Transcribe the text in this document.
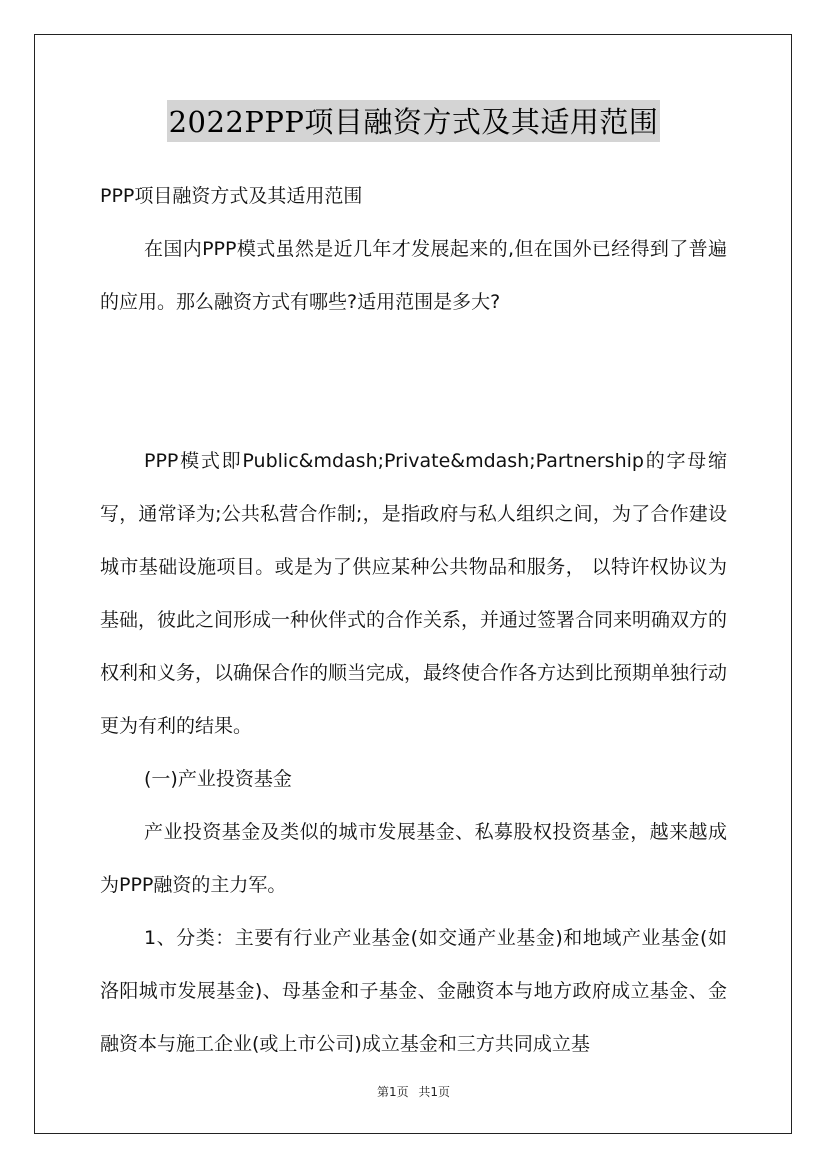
2022PPP项目融资方式及其适用范围

PPP项目融资方式及其适用范围

在国内PPP模式虽然是近几年才发展起来的,但在国外已经得到了普遍的应用。那么融资方式有哪些?适用范围是多大?

PPP模式即Public&mdash;Private&mdash;Partnership的字母缩写，通常译为;公共私营合作制;，是指政府与私人组织之间，为了合作建设城市基础设施项目。或是为了供应某种公共物品和服务， 以特许权协议为基础，彼此之间形成一种伙伴式的合作关系，并通过签署合同来明确双方的权利和义务，以确保合作的顺当完成，最终使合作各方达到比预期单独行动更为有利的结果。

(一)产业投资基金

产业投资基金及类似的城市发展基金、私募股权投资基金，越来越成为PPP融资的主力军。

1、分类：主要有行业产业基金(如交通产业基金)和地域产业基金(如洛阳城市发展基金)、母基金和子基金、金融资本与地方政府成立基金、金融资本与施工企业(或上市公司)成立基金和三方共同成立基

第1页 共1页
